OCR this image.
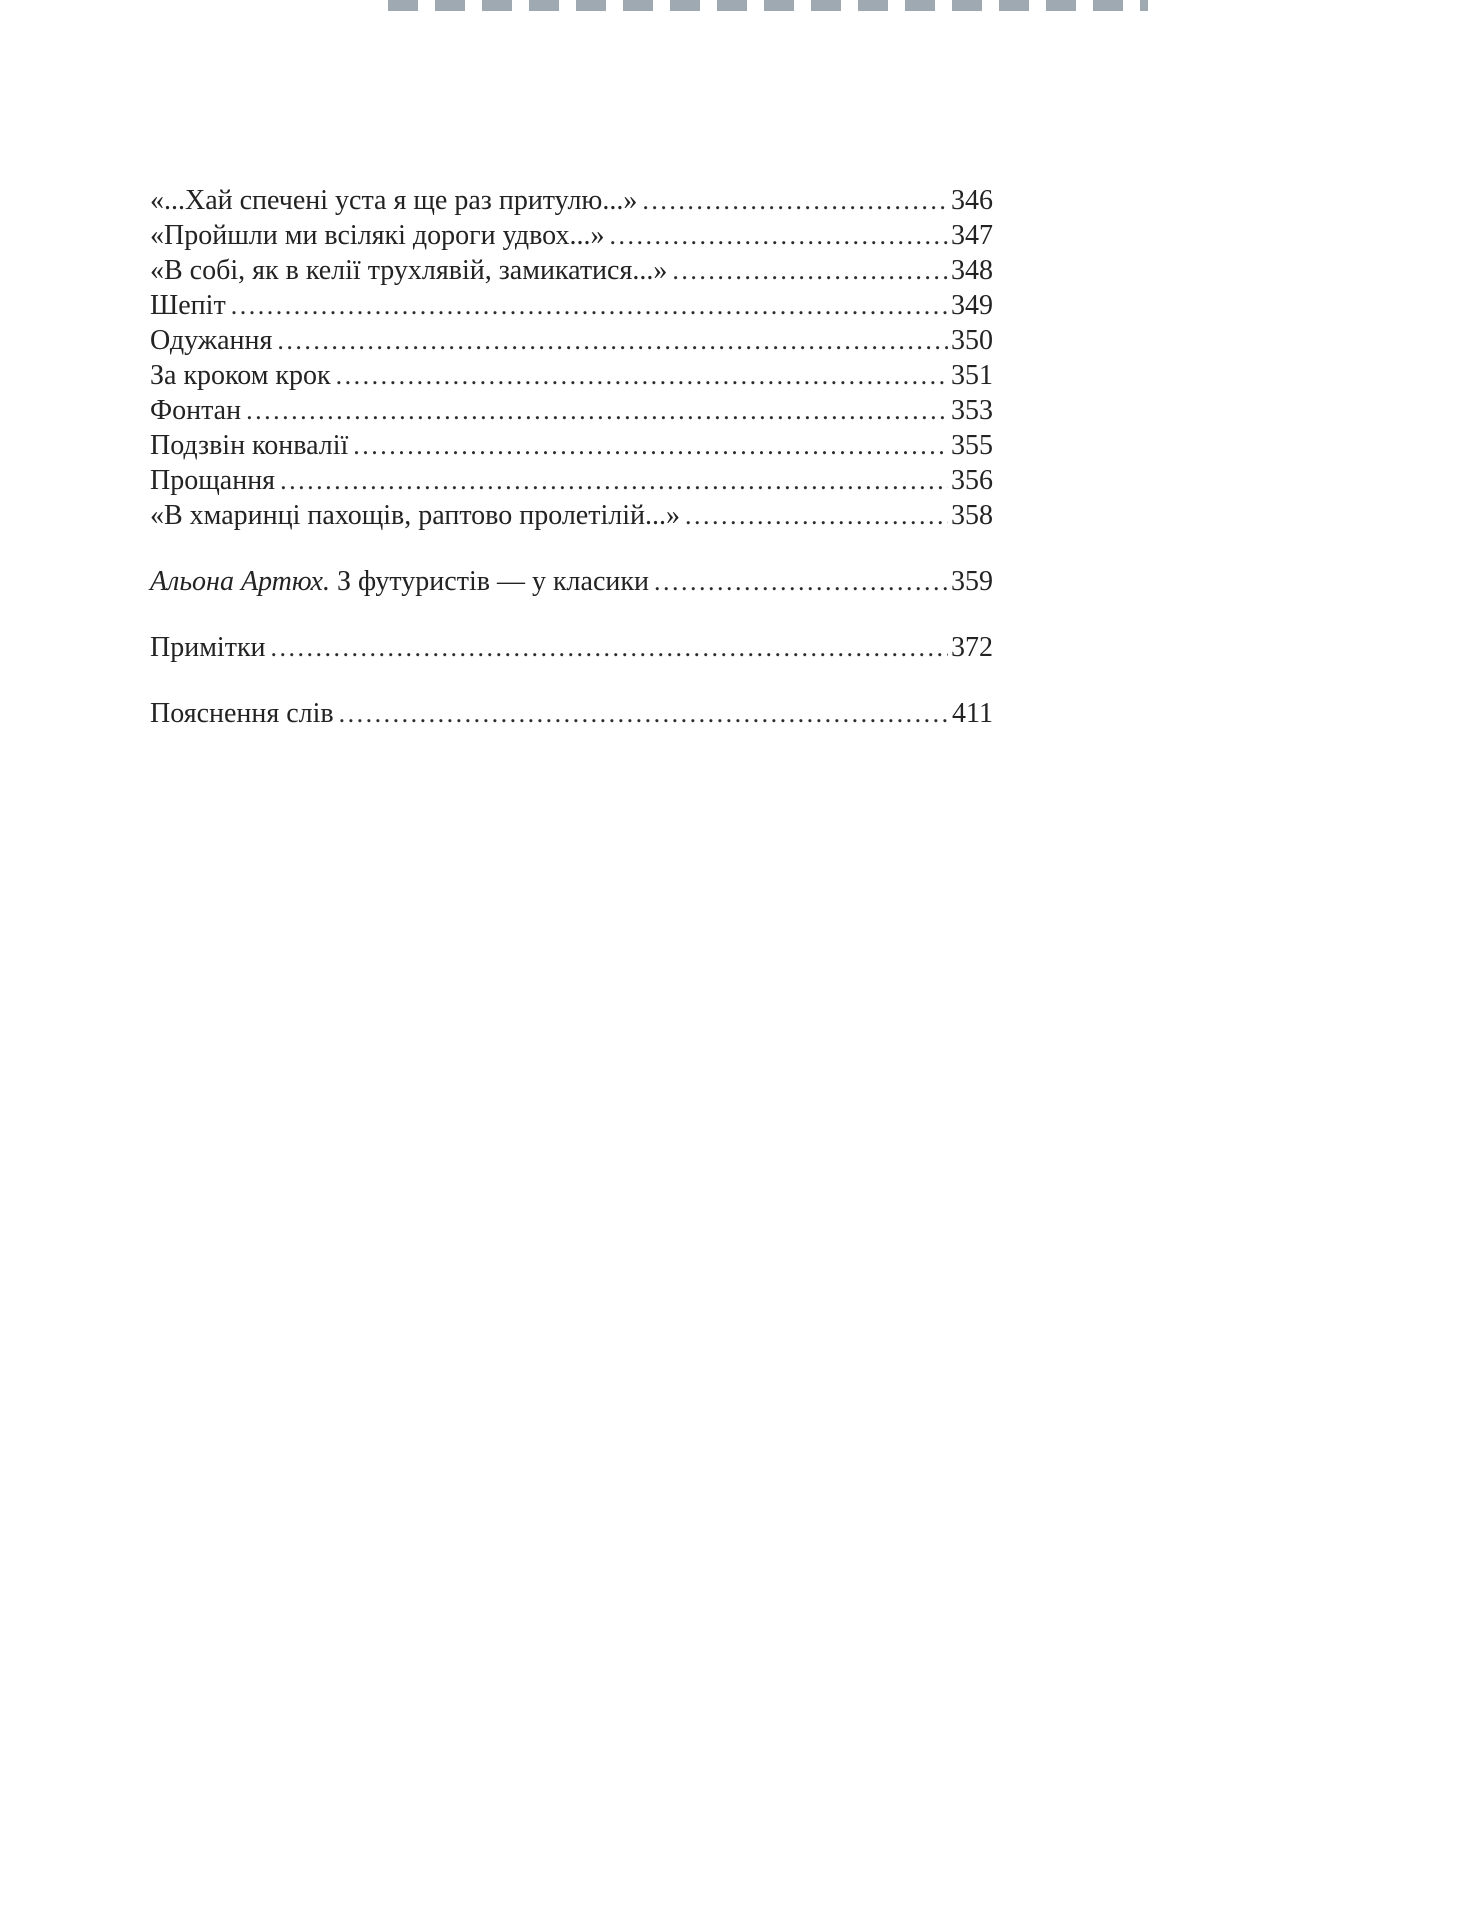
«...Хай спечені уста я ще раз притулю...» .....	346
«Пройшли ми всілякі дороги удвох...» .....	347
«В собі, як в келії трухлявій, замикатися...» .....	348
Шепіт .....	349
Одужання .....	350
За кроком крок .....	351
Фонтан .....	353
Подзвін конвалії .....	355
Прощання .....	356
«В хмаринці пахощів, раптово пролетілій...» .....	358
Альона Артюх. З футуристів — у класики .....	359
Примітки .....	372
Пояснення слів .....	411
